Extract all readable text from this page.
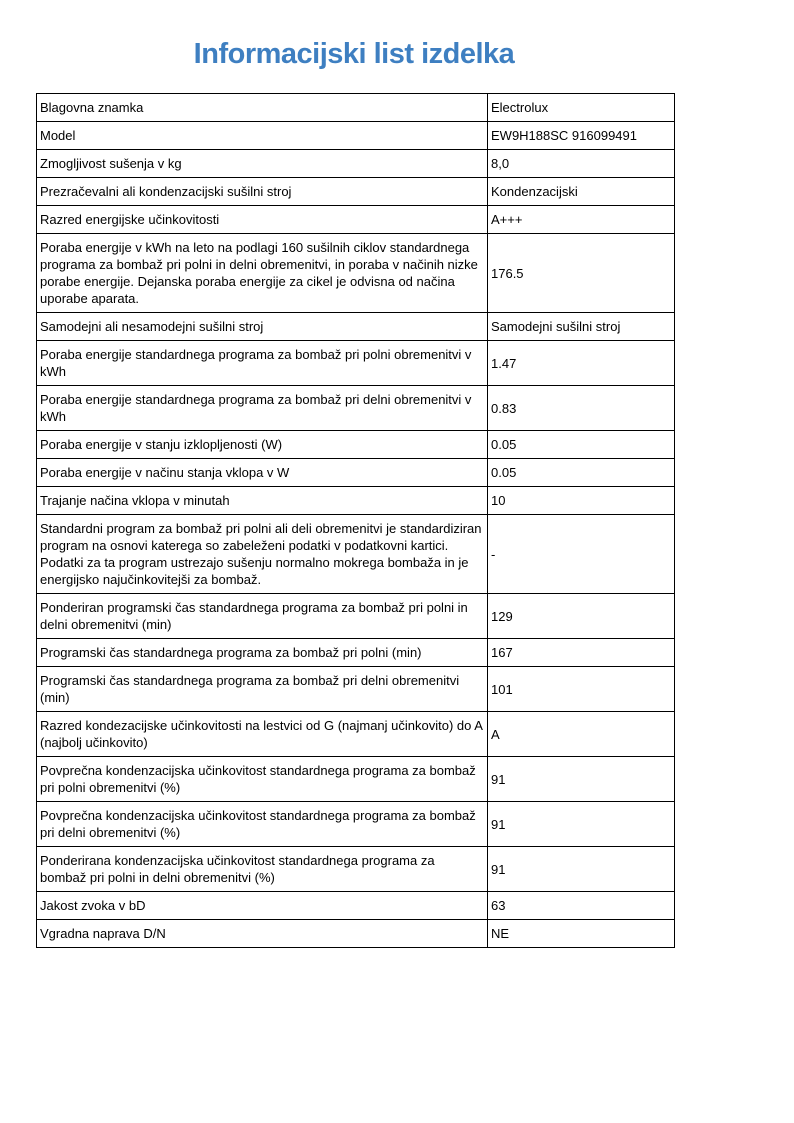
Informacijski list izdelka
Blagovna znamka	Electrolux
Model	EW9H188SC 916099491
Zmogljivost sušenja v kg	8,0
Prezračevalni ali kondenzacijski sušilni stroj	Kondenzacijski
Razred energijske učinkovitosti	A+++
Poraba energije v kWh na leto na podlagi 160 sušilnih ciklov standardnega programa za bombaž pri polni in delni obremenitvi, in poraba v načinih nizke porabe energije. Dejanska poraba energije za cikel je odvisna od načina uporabe aparata.	176.5
Samodejni ali nesamodejni sušilni stroj	Samodejni sušilni stroj
Poraba energije standardnega programa za bombaž pri polni obremenitvi v kWh	1.47
Poraba energije standardnega programa za bombaž pri delni obremenitvi v kWh	0.83
Poraba energije v stanju izklopljenosti (W)	0.05
Poraba energije v načinu stanja vklopa v W	0.05
Trajanje načina vklopa v minutah	10
Standardni program za bombaž pri polni ali deli obremenitvi je standardiziran program na osnovi katerega so zabeleženi podatki v podatkovni kartici. Podatki za ta program ustrezajo sušenju normalno mokrega bombaža in je energijsko najučinkovitejši za bombaž.	-
Ponderiran programski čas standardnega programa za bombaž pri polni in delni obremenitvi (min)	129
Programski čas standardnega programa za bombaž pri polni (min)	167
Programski čas standardnega programa za bombaž pri delni obremenitvi (min)	101
Razred kondezacijske učinkovitosti na lestvici od G (najmanj učinkovito) do A (najbolj učinkovito)	A
Povprečna kondenzacijska učinkovitost standardnega programa za bombaž pri polni obremenitvi (%)	91
Povprečna kondenzacijska učinkovitost standardnega programa za bombaž pri delni obremenitvi (%)	91
Ponderirana kondenzacijska učinkovitost standardnega programa za bombaž pri polni in delni obremenitvi (%)	91
Jakost zvoka v bD	63
Vgradna naprava D/N	NE
